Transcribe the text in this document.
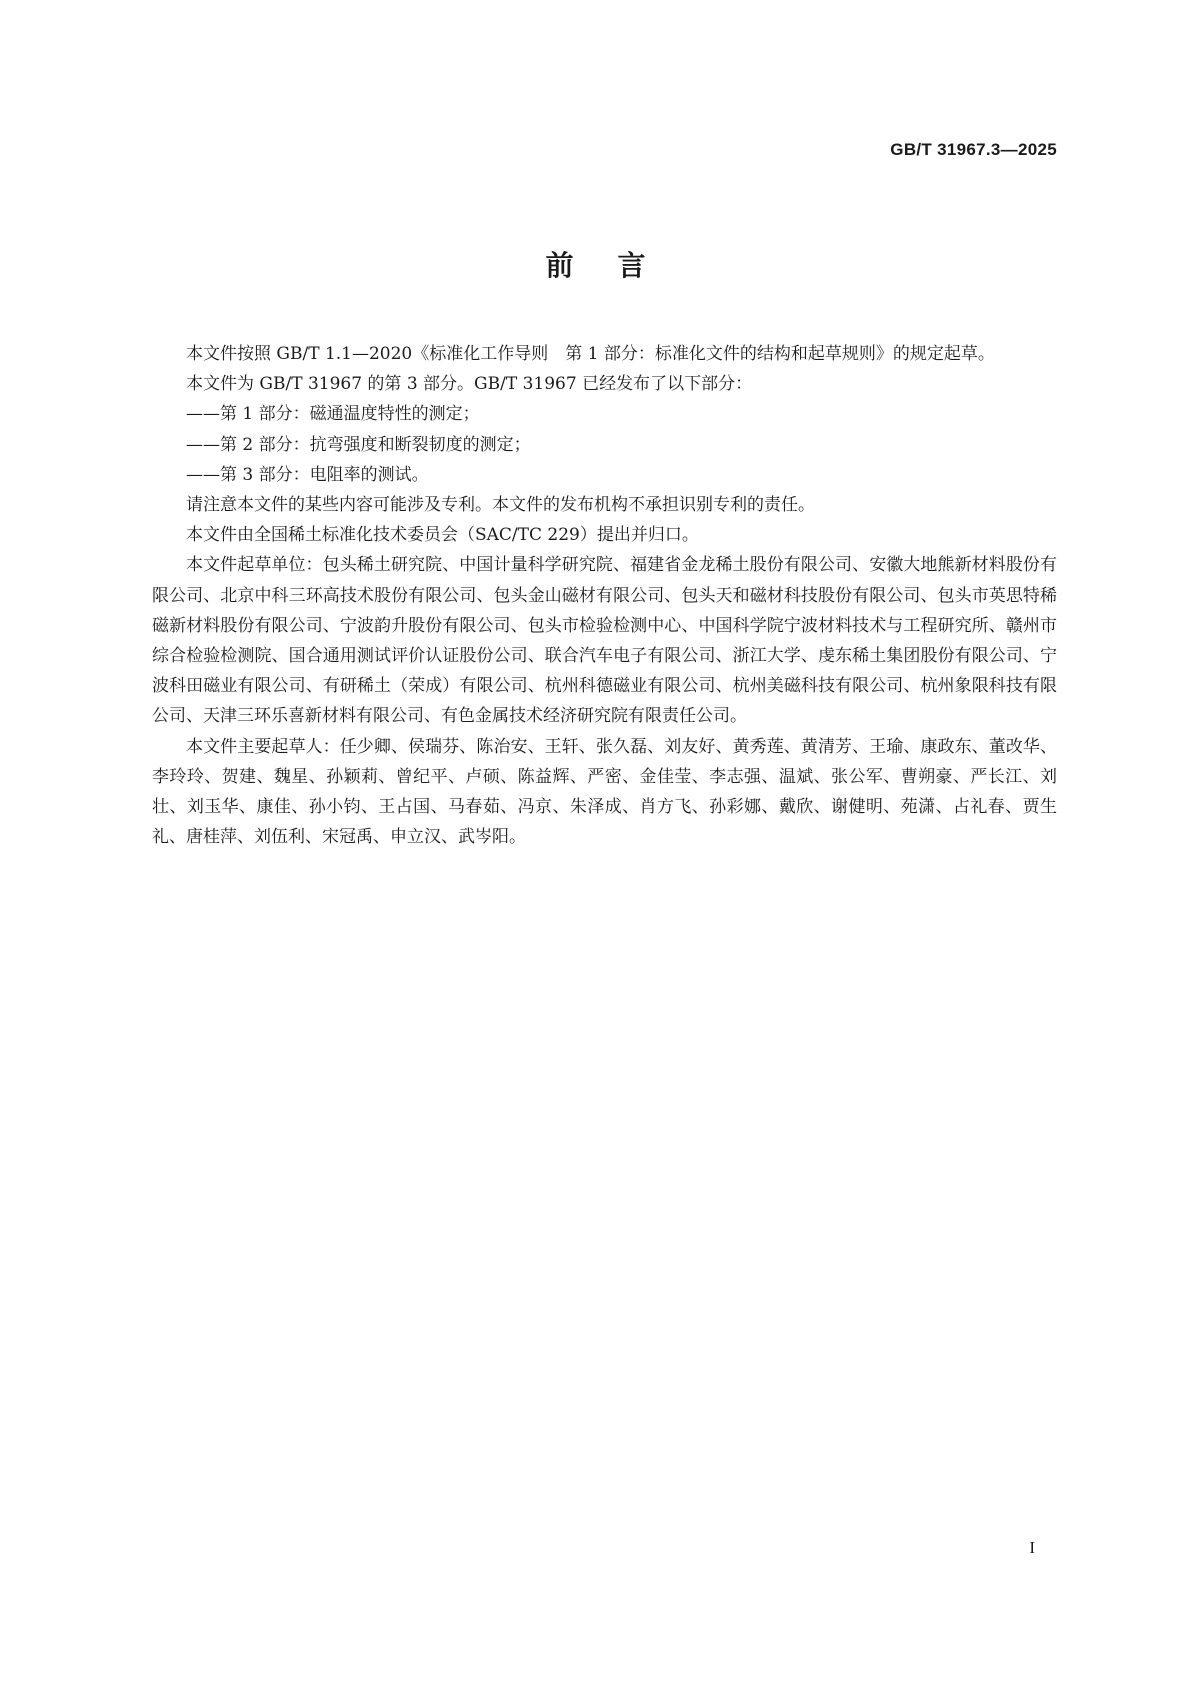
GB/T 31967.3—2025
前言

本文件按照 GB/T 1.1—2020《标准化工作导则　第 1 部分：标准化文件的结构和起草规则》的规定起草。

本文件为 GB/T 31967 的第 3 部分。GB/T 31967 已经发布了以下部分：

——第 1 部分：磁通温度特性的测定；

——第 2 部分：抗弯强度和断裂韧度的测定；

——第 3 部分：电阻率的测试。

请注意本文件的某些内容可能涉及专利。本文件的发布机构不承担识别专利的责任。

本文件由全国稀土标准化技术委员会（SAC/TC 229）提出并归口。

本文件起草单位：包头稀土研究院、中国计量科学研究院、福建省金龙稀土股份有限公司、安徽大地熊新材料股份有限公司、北京中科三环高技术股份有限公司、包头金山磁材有限公司、包头天和磁材科技股份有限公司、包头市英思特稀磁新材料股份有限公司、宁波韵升股份有限公司、包头市检验检测中心、中国科学院宁波材料技术与工程研究所、赣州市综合检验检测院、国合通用测试评价认证股份公司、联合汽车电子有限公司、浙江大学、虔东稀土集团股份有限公司、宁波科田磁业有限公司、有研稀土（荣成）有限公司、杭州科德磁业有限公司、杭州美磁科技有限公司、杭州象限科技有限公司、天津三环乐喜新材料有限公司、有色金属技术经济研究院有限责任公司。

本文件主要起草人：任少卿、侯瑞芬、陈治安、王轩、张久磊、刘友好、黄秀莲、黄清芳、王瑜、康政东、董改华、李玲玲、贺建、魏星、孙颖莉、曾纪平、卢硕、陈益辉、严密、金佳莹、李志强、温斌、张公军、曹朔豪、严长江、刘壮、刘玉华、康佳、孙小钧、王占国、马春茹、冯京、朱泽成、肖方飞、孙彩娜、戴欣、谢健明、苑潇、占礼春、贾生礼、唐桂萍、刘伍利、宋冠禹、申立汉、武岑阳。

I
